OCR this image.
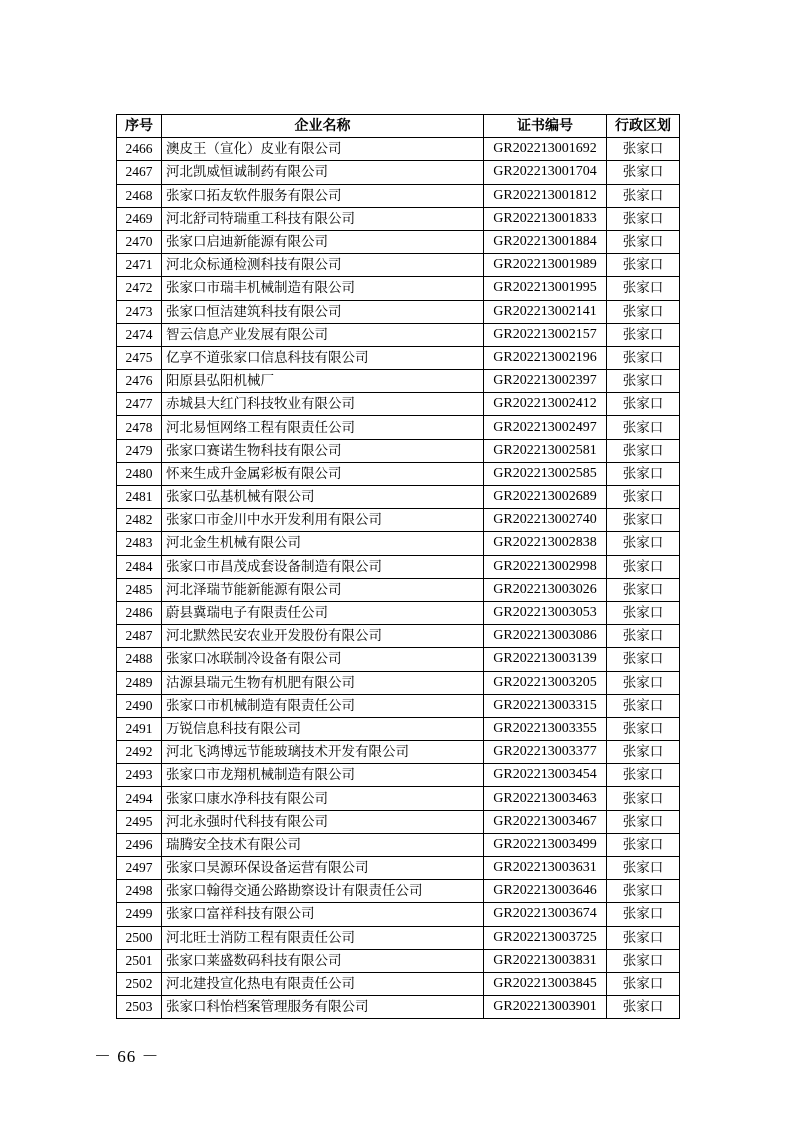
序号	企业名称	证书编号	行政区划
2466	澳皮王（宣化）皮业有限公司	GR202213001692	张家口
2467	河北凯威恒诚制药有限公司	GR202213001704	张家口
2468	张家口拓友软件服务有限公司	GR202213001812	张家口
2469	河北舒司特瑞重工科技有限公司	GR202213001833	张家口
2470	张家口启迪新能源有限公司	GR202213001884	张家口
2471	河北众标通检测科技有限公司	GR202213001989	张家口
2472	张家口市瑞丰机械制造有限公司	GR202213001995	张家口
2473	张家口恒洁建筑科技有限公司	GR202213002141	张家口
2474	智云信息产业发展有限公司	GR202213002157	张家口
2475	亿享不道张家口信息科技有限公司	GR202213002196	张家口
2476	阳原县弘阳机械厂	GR202213002397	张家口
2477	赤城县大红门科技牧业有限公司	GR202213002412	张家口
2478	河北易恒网络工程有限责任公司	GR202213002497	张家口
2479	张家口赛诺生物科技有限公司	GR202213002581	张家口
2480	怀来生成升金属彩板有限公司	GR202213002585	张家口
2481	张家口弘基机械有限公司	GR202213002689	张家口
2482	张家口市金川中水开发利用有限公司	GR202213002740	张家口
2483	河北金生机械有限公司	GR202213002838	张家口
2484	张家口市昌茂成套设备制造有限公司	GR202213002998	张家口
2485	河北泽瑞节能新能源有限公司	GR202213003026	张家口
2486	蔚县冀瑞电子有限责任公司	GR202213003053	张家口
2487	河北默然民安农业开发股份有限公司	GR202213003086	张家口
2488	张家口冰联制冷设备有限公司	GR202213003139	张家口
2489	沽源县瑞元生物有机肥有限公司	GR202213003205	张家口
2490	张家口市机械制造有限责任公司	GR202213003315	张家口
2491	万锐信息科技有限公司	GR202213003355	张家口
2492	河北飞鸿博远节能玻璃技术开发有限公司	GR202213003377	张家口
2493	张家口市龙翔机械制造有限公司	GR202213003454	张家口
2494	张家口康水净科技有限公司	GR202213003463	张家口
2495	河北永强时代科技有限公司	GR202213003467	张家口
2496	瑞腾安全技术有限公司	GR202213003499	张家口
2497	张家口昊源环保设备运营有限公司	GR202213003631	张家口
2498	张家口翰得交通公路勘察设计有限责任公司	GR202213003646	张家口
2499	张家口富祥科技有限公司	GR202213003674	张家口
2500	河北旺士消防工程有限责任公司	GR202213003725	张家口
2501	张家口莱盛数码科技有限公司	GR202213003831	张家口
2502	河北建投宣化热电有限责任公司	GR202213003845	张家口
2503	张家口科怡档案管理服务有限公司	GR202213003901	张家口
－ 66 －
